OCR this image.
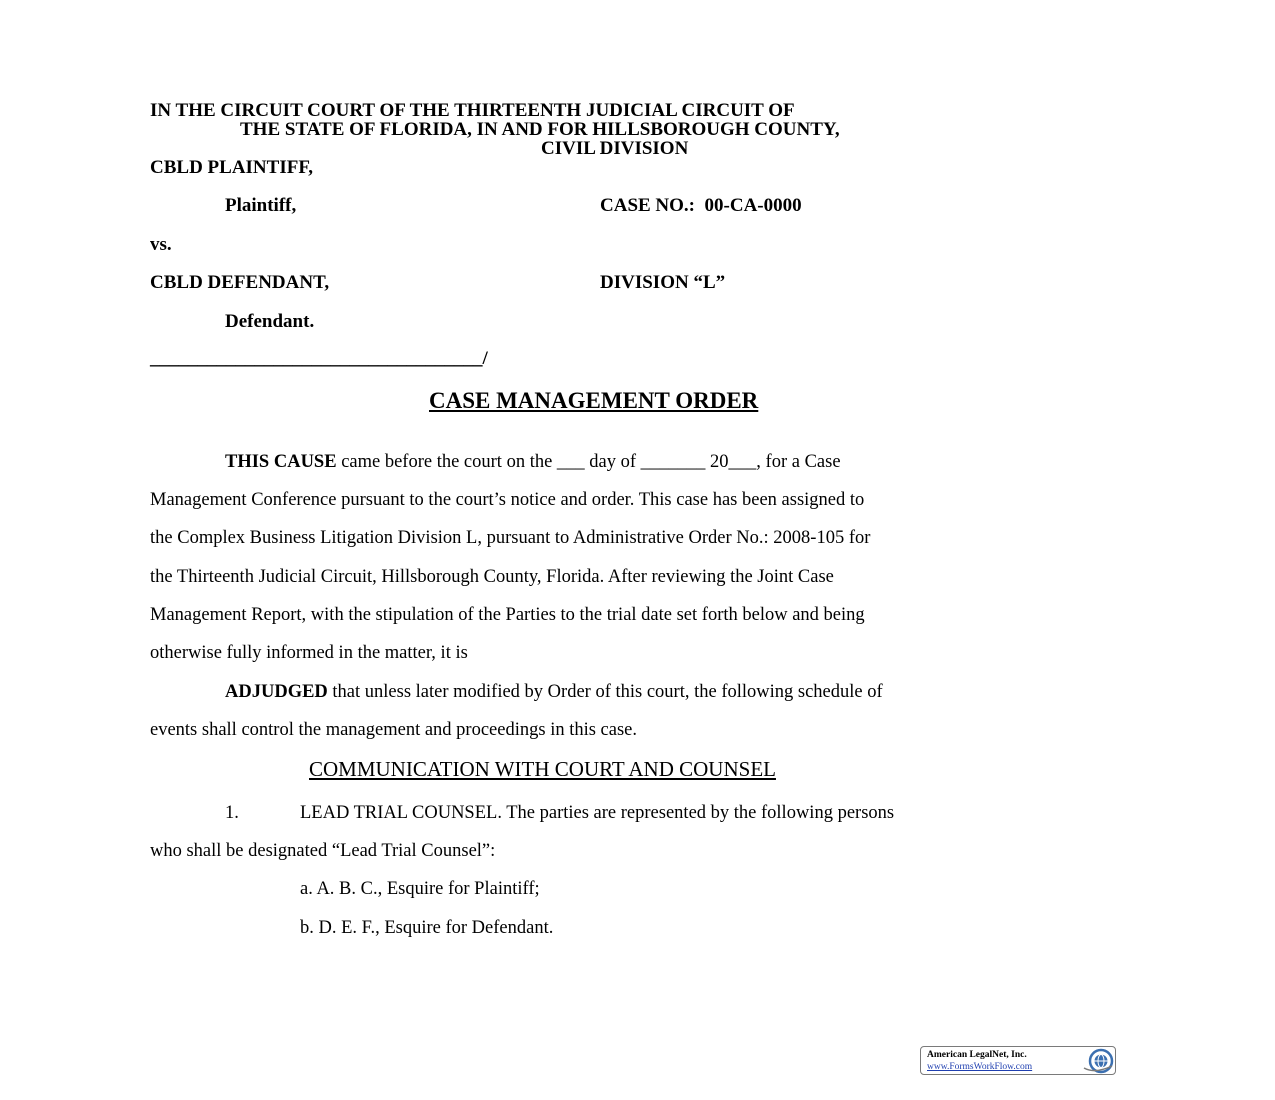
IN THE CIRCUIT COURT OF THE THIRTEENTH JUDICIAL CIRCUIT OF
THE STATE OF FLORIDA, IN AND FOR HILLSBOROUGH COUNTY,
CIVIL DIVISION
CBLD PLAINTIFF,
Plaintiff,	CASE NO.: 00-CA-0000
vs.
CBLD DEFENDANT,	DIVISION “L”
Defendant.
___________________________________/
CASE MANAGEMENT ORDER
THIS CAUSE came before the court on the ___ day of _______ 20___, for a Case
Management Conference pursuant to the court’s notice and order. This case has been assigned to
the Complex Business Litigation Division L, pursuant to Administrative Order No.: 2008-105 for
the Thirteenth Judicial Circuit, Hillsborough County, Florida. After reviewing the Joint Case
Management Report, with the stipulation of the Parties to the trial date set forth below and being
otherwise fully informed in the matter, it is
ADJUDGED that unless later modified by Order of this court, the following schedule of
events shall control the management and proceedings in this case.
COMMUNICATION WITH COURT AND COUNSEL
1.	LEAD TRIAL COUNSEL. The parties are represented by the following persons
who shall be designated “Lead Trial Counsel”:
a. A. B. C., Esquire for Plaintiff;
b. D. E. F., Esquire for Defendant.
American LegalNet, Inc.
www.FormsWorkFlow.com
